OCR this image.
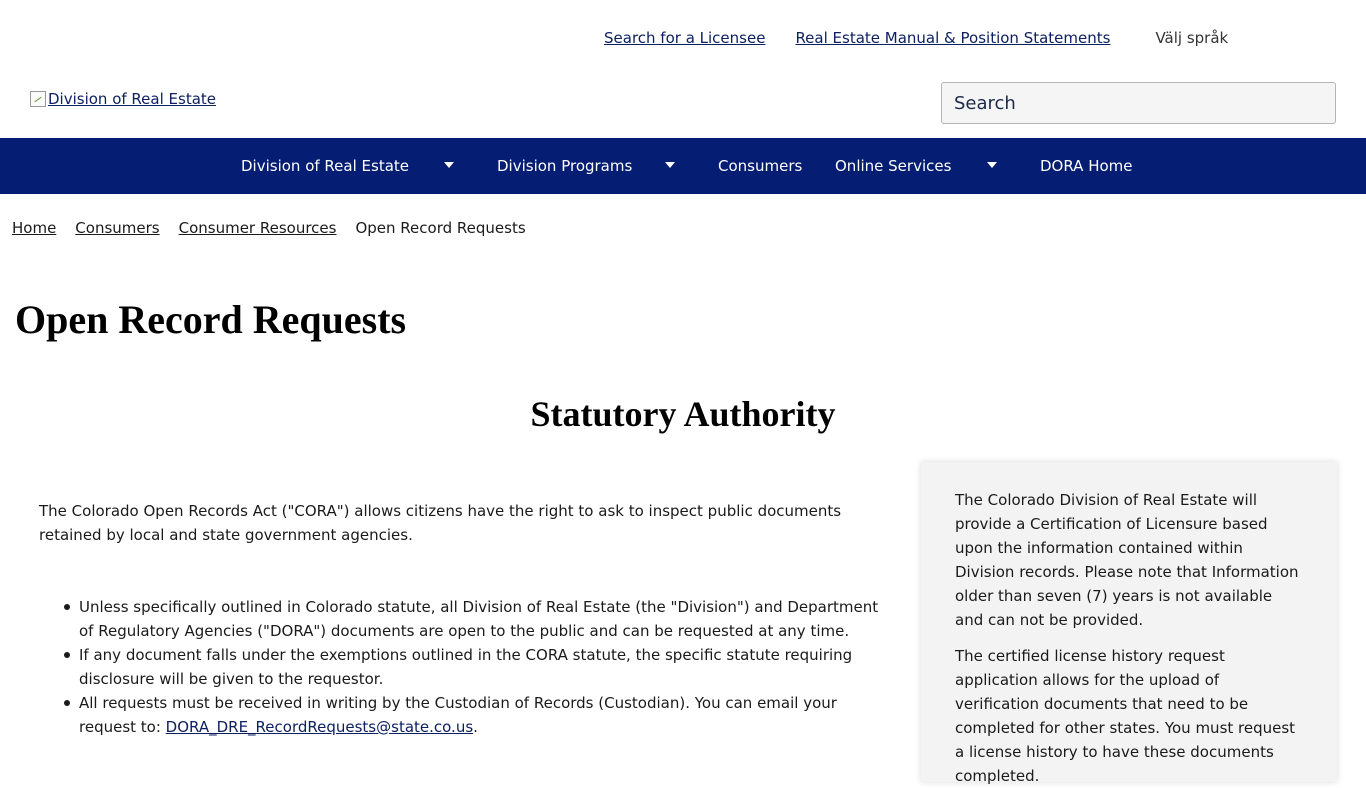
Search for a Licensee Real Estate Manual & Position Statements	Välj språk
Division of Real Estate
Search
Division of Real Estate	Division Programs	Consumers Online Services	DORA Home
Home Consumers Consumer Resources Open Record Requests
Open Record Requests
Statutory Authority

The Colorado Open Records Act ("CORA") allows citizens have the right to ask to inspect public documents retained by local and state government agencies.

Unless specifically outlined in Colorado statute, all Division of Real Estate (the "Division") and Department of Regulatory Agencies ("DORA") documents are open to the public and can be requested at any time.
If any document falls under the exemptions outlined in the CORA statute, the specific statute requiring disclosure will be given to the requestor.
All requests must be received in writing by the Custodian of Records (Custodian). You can email your request to: DORA_DRE_RecordRequests@state.co.us.

The Colorado Division of Real Estate will provide a Certification of Licensure based upon the information contained within Division records. Please note that Information older than seven (7) years is not available and can not be provided.

The certified license history request application allows for the upload of verification documents that need to be completed for other states. You must request a license history to have these documents completed.
